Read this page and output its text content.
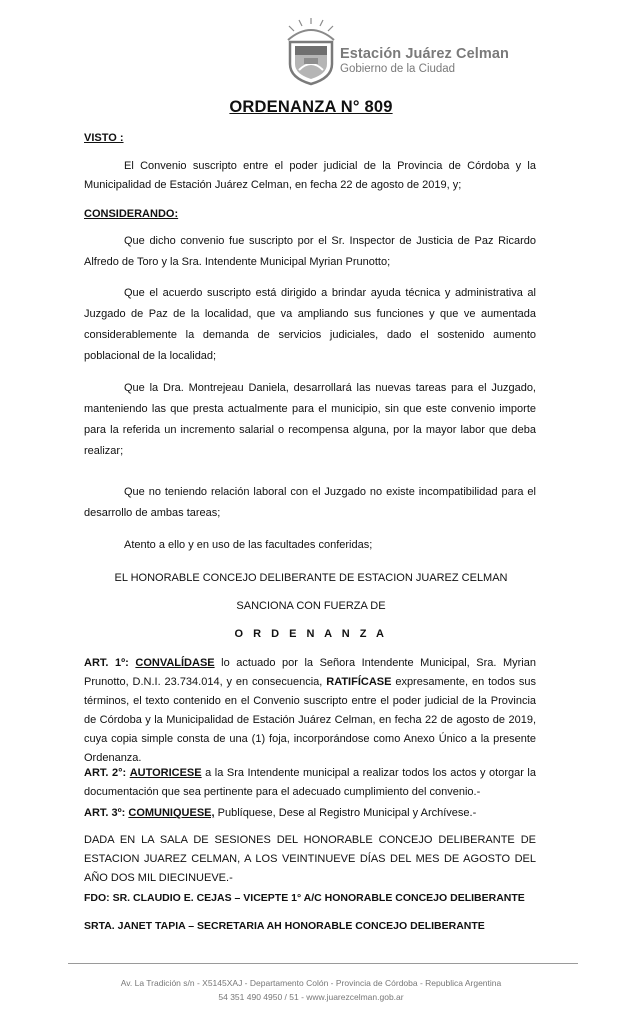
Estación Juárez Celman
Gobierno de la Ciudad
ORDENANZA N° 809
VISTO :
El Convenio suscripto entre el poder judicial de la Provincia de Córdoba y la Municipalidad de Estación Juárez Celman, en fecha 22 de agosto de 2019, y;
CONSIDERANDO:
Que dicho convenio fue suscripto por el Sr. Inspector de Justicia de Paz Ricardo Alfredo de Toro y la Sra. Intendente Municipal Myrian Prunotto;
Que el acuerdo suscripto está dirigido a brindar ayuda técnica y administrativa al Juzgado de Paz de la localidad, que va ampliando sus funciones y que ve aumentada considerablemente la demanda de servicios judiciales, dado el sostenido aumento poblacional de la localidad;
Que la Dra. Montrejeau Daniela, desarrollará las nuevas tareas para el Juzgado, manteniendo las que presta actualmente para el municipio, sin que este convenio importe para la referida un incremento salarial o recompensa alguna, por la mayor labor que deba realizar;
Que no teniendo relación laboral con el Juzgado no existe incompatibilidad para el desarrollo de ambas tareas;
Atento a ello y en uso de las facultades conferidas;
EL HONORABLE CONCEJO DELIBERANTE DE ESTACION JUAREZ CELMAN
SANCIONA CON FUERZA DE
O R D E N A N Z A
ART. 1º: CONVALÍDASE lo actuado por la Señora Intendente Municipal, Sra. Myrian Prunotto, D.N.I. 23.734.014, y en consecuencia, RATIFÍCASE expresamente, en todos sus términos, el texto contenido en el Convenio suscripto entre el poder judicial de la Provincia de Córdoba y la Municipalidad de Estación Juárez Celman, en fecha 22 de agosto de 2019, cuya copia simple consta de una (1) foja, incorporándose como Anexo Único a la presente Ordenanza.
ART. 2°: AUTORICESE a la Sra Intendente municipal a realizar todos los actos y otorgar la documentación que sea pertinente para el adecuado cumplimiento del convenio.-
ART. 3º: COMUNIQUESE, Publíquese, Dese al Registro Municipal y Archívese.-
DADA EN LA SALA DE SESIONES DEL HONORABLE CONCEJO DELIBERANTE DE ESTACION JUAREZ CELMAN, A LOS VEINTINUEVE DÍAS DEL MES DE AGOSTO DEL AÑO DOS MIL DIECINUEVE.-
FDO: SR. CLAUDIO E. CEJAS – VICEPTE 1° A/C HONORABLE CONCEJO DELIBERANTE
SRTA. JANET TAPIA – SECRETARIA AH HONORABLE CONCEJO DELIBERANTE
Av. La Tradición s/n - X5145XAJ - Departamento Colón - Provincia de Córdoba - Republica Argentina
54 351 490 4950 / 51 - www.juarezcelman.gob.ar
